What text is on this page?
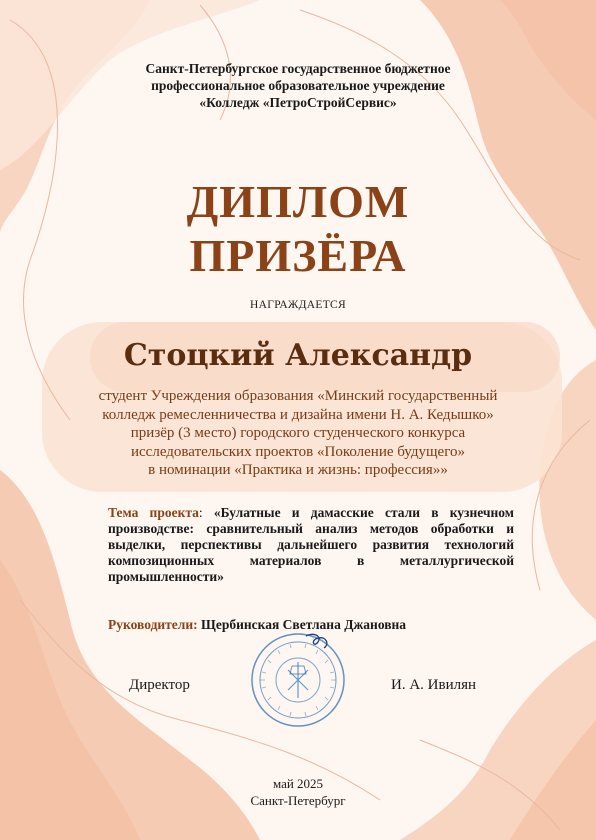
Санкт-Петербургское государственное бюджетное
профессиональное образовательное учреждение
«Колледж «ПетроСтройСервис»
ДИПЛОМ
ПРИЗЁРА
НАГРАЖДАЕТСЯ
Стоцкий Александр
студент Учреждения образования «Минский государственный
колледж ремесленничества и дизайна имени Н. А. Кедышко»
призёр (3 место) городского студенческого конкурса
исследовательских проектов «Поколение будущего»
в номинации «Практика и жизнь: профессия»»
Тема проекта: «Булатные и дамасские стали в кузнечном производстве: сравнительный анализ методов обработки и выделки, перспективы дальнейшего развития технологий композиционных материалов в металлургической промышленности»
Руководители: Щербинская Светлана Джановна
Директор	И. А. Ивилян
май 2025
Санкт-Петербург
